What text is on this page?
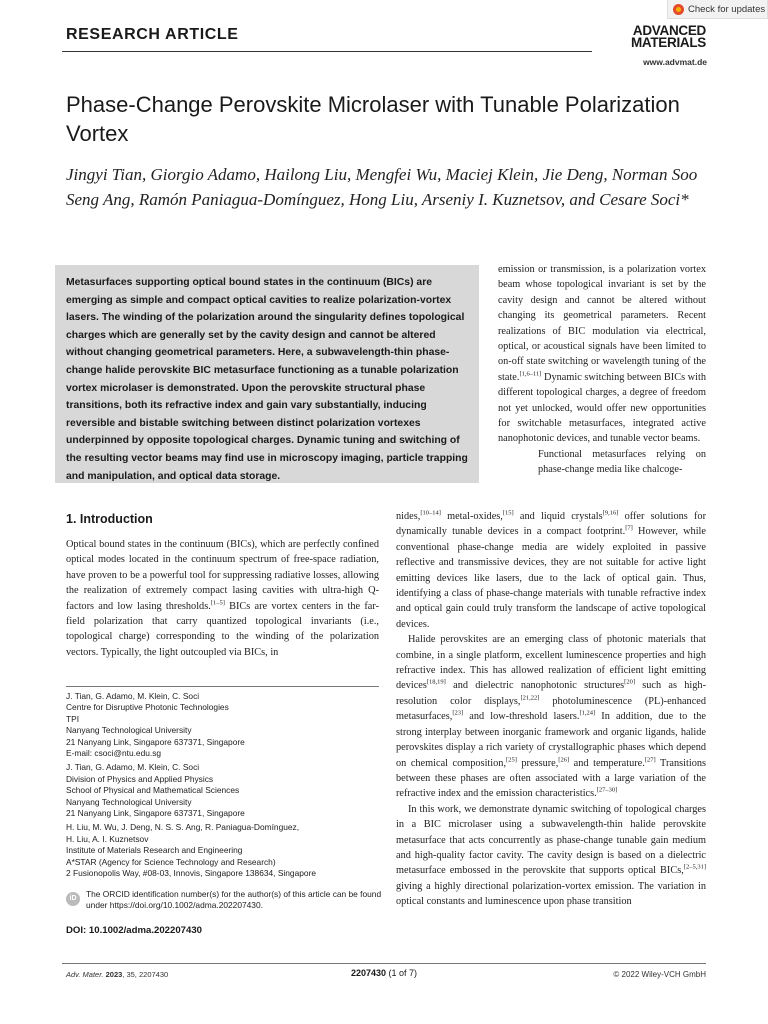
RESEARCH ARTICLE
Check for updates
ADVANCED
MATERIALS
www.advmat.de
Phase-Change Perovskite Microlaser with Tunable Polarization Vortex
Jingyi Tian, Giorgio Adamo, Hailong Liu, Mengfei Wu, Maciej Klein, Jie Deng, Norman Soo Seng Ang, Ramón Paniagua-Domínguez, Hong Liu, Arseniy I. Kuznetsov, and Cesare Soci*
Metasurfaces supporting optical bound states in the continuum (BICs) are emerging as simple and compact optical cavities to realize polarization-vortex lasers. The winding of the polarization around the singularity defines topological charges which are generally set by the cavity design and cannot be altered without changing geometrical parameters. Here, a subwavelength-thin phase-change halide perovskite BIC metasurface functioning as a tunable polarization vortex microlaser is demonstrated. Upon the perovskite structural phase transitions, both its refractive index and gain vary substantially, inducing reversible and bistable switching between distinct polarization vortexes underpinned by opposite topological charges. Dynamic tuning and switching of the resulting vector beams may find use in microscopy imaging, particle trapping and manipulation, and optical data storage.

emission or transmission, is a polarization vortex beam whose topological invariant is set by the cavity design and cannot be altered without changing its geometrical parameters. Recent realizations of BIC modulation via electrical, optical, or acoustical signals have been limited to on-off state switching or wavelength tuning of the state.[1,6–11] Dynamic switching between BICs with different topological charges, a degree of freedom not yet unlocked, would offer new opportunities for switchable metasurfaces, integrated active nanophotonic devices, and tunable vector beams.

Functional metasurfaces relying on phase-change media like chalcoge-

nides,[10–14] metal-oxides,[15] and liquid crystals[9,16] offer solutions for dynamically tunable devices in a compact footprint.[7] However, while conventional phase-change media are widely exploited in passive reflective and transmissive devices, they are not suitable for active light emitting devices like lasers, due to the lack of optical gain. Thus, identifying a class of phase-change materials with tunable refractive index and optical gain could truly transform the landscape of active topological devices.

Halide perovskites are an emerging class of photonic materials that combine, in a single platform, excellent luminescence properties and high refractive index. This has allowed realization of efficient light emitting devices[18,19] and dielectric nanophotonic structures[20] such as high-resolution color displays,[21,22] photoluminescence (PL)-enhanced metasurfaces,[23] and low-threshold lasers.[1,24] In addition, due to the strong interplay between inorganic framework and organic ligands, halide perovskites display a rich variety of crystallographic phases which depend on chemical composition,[25] pressure,[26] and temperature.[27] Transitions between these phases are often associated with a large variation of the refractive index and the emission characteristics.[27–30]

In this work, we demonstrate dynamic switching of topological charges in a BIC microlaser using a subwavelength-thin halide perovskite metasurface that acts concurrently as phase-change tunable gain medium and high-quality factor cavity. The cavity design is based on a dielectric metasurface embossed in the perovskite that supports optical BICs,[2–5,31] giving a highly directional polarization-vortex emission. The variation in optical constants and luminescence upon phase transition

1. Introduction

Optical bound states in the continuum (BICs), which are perfectly confined optical modes located in the continuum spectrum of free-space radiation, have proven to be a powerful tool for suppressing radiative losses, allowing the realization of extremely compact lasing cavities with ultra-high Q-factors and low lasing thresholds.[1–5] BICs are vortex centers in the far-field polarization that carry quantized topological invariants (i.e., topological charge) corresponding to the winding of the polarization vectors. Typically, the light outcoupled via BICs, in

J. Tian, G. Adamo, M. Klein, C. Soci
Centre for Disruptive Photonic Technologies
TPI
Nanyang Technological University
21 Nanyang Link, Singapore 637371, Singapore
E-mail: csoci@ntu.edu.sg
J. Tian, G. Adamo, M. Klein, C. Soci
Division of Physics and Applied Physics
School of Physical and Mathematical Sciences
Nanyang Technological University
21 Nanyang Link, Singapore 637371, Singapore
H. Liu, M. Wu, J. Deng, N. S. S. Ang, R. Paniagua-Domínguez,
H. Liu, A. I. Kuznetsov
Institute of Materials Research and Engineering
A*STAR (Agency for Science Technology and Research)
2 Fusionopolis Way, #08-03, Innovis, Singapore 138634, Singapore
iD	The ORCID identification number(s) for the author(s) of this article can be found under https://doi.org/10.1002/adma.202207430.
DOI: 10.1002/adma.202207430
Adv. Mater. 2023, 35, 2207430	2207430 (1 of 7)	© 2022 Wiley-VCH GmbH
